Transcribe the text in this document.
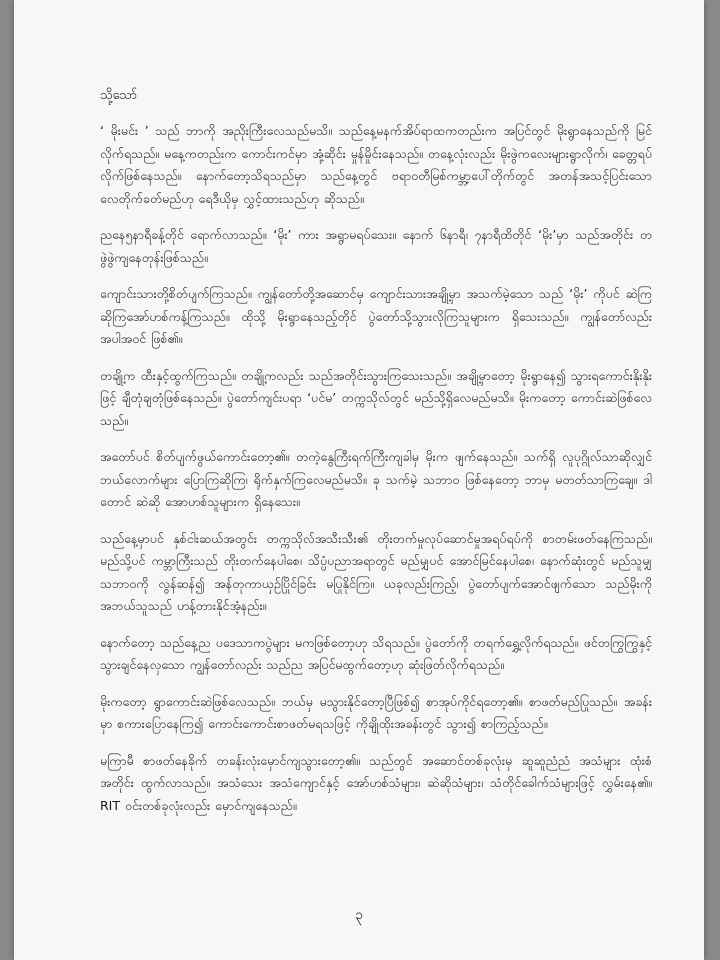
သို့သော်

‘ မိုးမင်း ’ သည် ဘာကို အညိုးကြီးလေသည်မသိ။ သည်နေ့မနက်အိပ်ရာထကတည်းက အပြင်တွင် မိုးရွာနေသည်ကို မြင်လိုက်ရသည်။ မနေ့ကတည်းက ကောင်းကင်မှာ အုံ့ဆိုင်း မှုန်မှိုင်းနေသည်။ တနေ့လုံးလည်း မိုးဖွဲကလေးများရွာလိုက်၊ ခေတ္တရပ်လိုက်ဖြစ်နေသည်။ နောက်တော့သိရသည်မှာ သည်နေ့တွင် ဗရာဝတီမြစ်ကမ္ဘာ့ပေါ်တိုက်တွင် အတန်အသင့်ပြင်းသော လေတိုက်ခတ်မည်ဟု ရေဒီယိုမှ လွှင့်ထားသည်ဟု ဆိုသည်။

ညနေ၅နာရီခန့်တိုင် ရောက်လာသည်။ ‘မိုး’ ကား အရွာမရပ်သေး။ နောက် ၆နာရီ၊ ၇နာရီထိတိုင် ‘မိုး’မှာ သည်အတိုင်း တဖွဲဖွဲကျနေတုန်းဖြစ်သည်။

ကျောင်းသားတို့စိတ်ပျက်ကြသည်။ ကျွန်တော်တို့အဆောင်မှ ကျောင်းသားအချို့မှာ အသက်မဲ့သော သည် ‘မိုး’ ကိုပင် ဆဲကြဆိုကြအော်ဟစ်ကန့်ကြသည်။ ထိုသို့ မိုးရွာနေသည့်တိုင် ပွဲတော်သို့သွားလိုကြသူများက ရှိသေးသည်။ ကျွန်တော်လည်း အပါအဝင် ဖြစ်၏။

တချို့က ထီးနှင့်ထွက်ကြသည်။ တချို့ကလည်း သည်အတိုင်းသွားကြသေးသည်။ အချို့မှာတော့ မိုးရွာနေ၍ သွားရကောင်းနိုးနိုးဖြင့် ချီတုံချတုံဖြစ်နေသည်။ ပွဲတော်ကျင်းပရာ ‘ပင်မ’ တက္ကသိုလ်တွင် မည်သို့ရှိလေမည်မသိ။ မိုးကတော့ ကောင်းဆဲဖြစ်လေသည်။

အတော်ပင် စိတ်ပျက်ဖွယ်ကောင်းတော့၏။ တကဲ့နွေကြီးရက်ကြီးကျခါမှ မိုးက ဖျက်နေသည်။ သက်ရှိ လူပုဂ္ဂိုလ်သာဆိုလျှင် ဘယ်လောက်များ ပြောကြဆိုကြ၊ ရိုက်နှက်ကြလေမည်မသိ။ ခု သက်မဲ့ သဘာဝ ဖြစ်နေတော့ ဘာမှ မတတ်သာကြချေ။ ဒါတောင် ဆဲဆို အောဟစ်သူများက ရှိနေသေး။

သည်နေ့မှာပင် နှစ်ငါးဆယ်အတွင်း တက္ကသိုလ်အသီးသီး၏ တိုးတက်မှုလုပ်ဆောင်မှုအရပ်ရပ်ကို စာတမ်းဖတ်နေကြသည်။ မည်သို့ပင် ကမ္ဘာကြီးသည် တိုးတက်နေပါစေ၊ သိပ္ပံပညာအရာတွင် မည်မျှပင် အောင်မြင်နေပါစေ၊ နောက်ဆုံးတွင် မည်သူမျှ သဘာဝကို လွန်ဆန်၍ အန်တုကာယှဉ်ပြိုင်ခြင်း မပြုနိုင်ကြ။ ယခုလည်းကြည့်၊ ပွဲတော်ပျက်အောင်ဖျက်သော သည်မိုးကို အဘယ်သူသည် ဟန့်တားနိုင်အံ့နည်း။

နောက်တော့ သည်နေ့ည ပဒေသာကပွဲများ မကဖြစ်တော့ဟု သိရသည်။ ပွဲတော်ကို တရက်ရွှေ့လိုက်ရသည်။ ဖင်တကြွကြွနှင့် သွားချင်နေလှသော ကျွန်တော်လည်း သည်ည အပြင်မထွက်တော့ဟု ဆုံးဖြတ်လိုက်ရသည်။

မိုးကတော့ ရွာကောင်းဆဲဖြစ်လေသည်။ ဘယ်မှ မသွားနိုင်တော့ပြီဖြစ်၍ စာအုပ်ကိုင်ရတော့၏။ စာဖတ်မည်ပြုသည်။ အခန်းမှာ စကားပြောနေကြ၍ ကောင်းကောင်းစာဖတ်မရသဖြင့် ကိုချိုထိုးအခန်းတွင် သွား၍ စာကြည့်သည်။

မကြာမီ စာဖတ်နေခိုက် တခန်းလုံးမှောင်ကျသွားတော့၏။ သည်တွင် အဆောင်တစ်ခုလုံးမှ ဆူဆူညံညံ အသံများ ထုံးစံအတိုင်း ထွက်လာသည်။ အသံသေး အသံကျောင်နှင့် အော်ဟစ်သံများ၊ ဆဲဆိုသံများ၊ သံတိုင်ခေါက်သံများဖြင့် လွှမ်းနေ၏။ RIT ဝင်းတစ်ခုလုံးလည်း မှောင်ကျနေသည်။

၃
